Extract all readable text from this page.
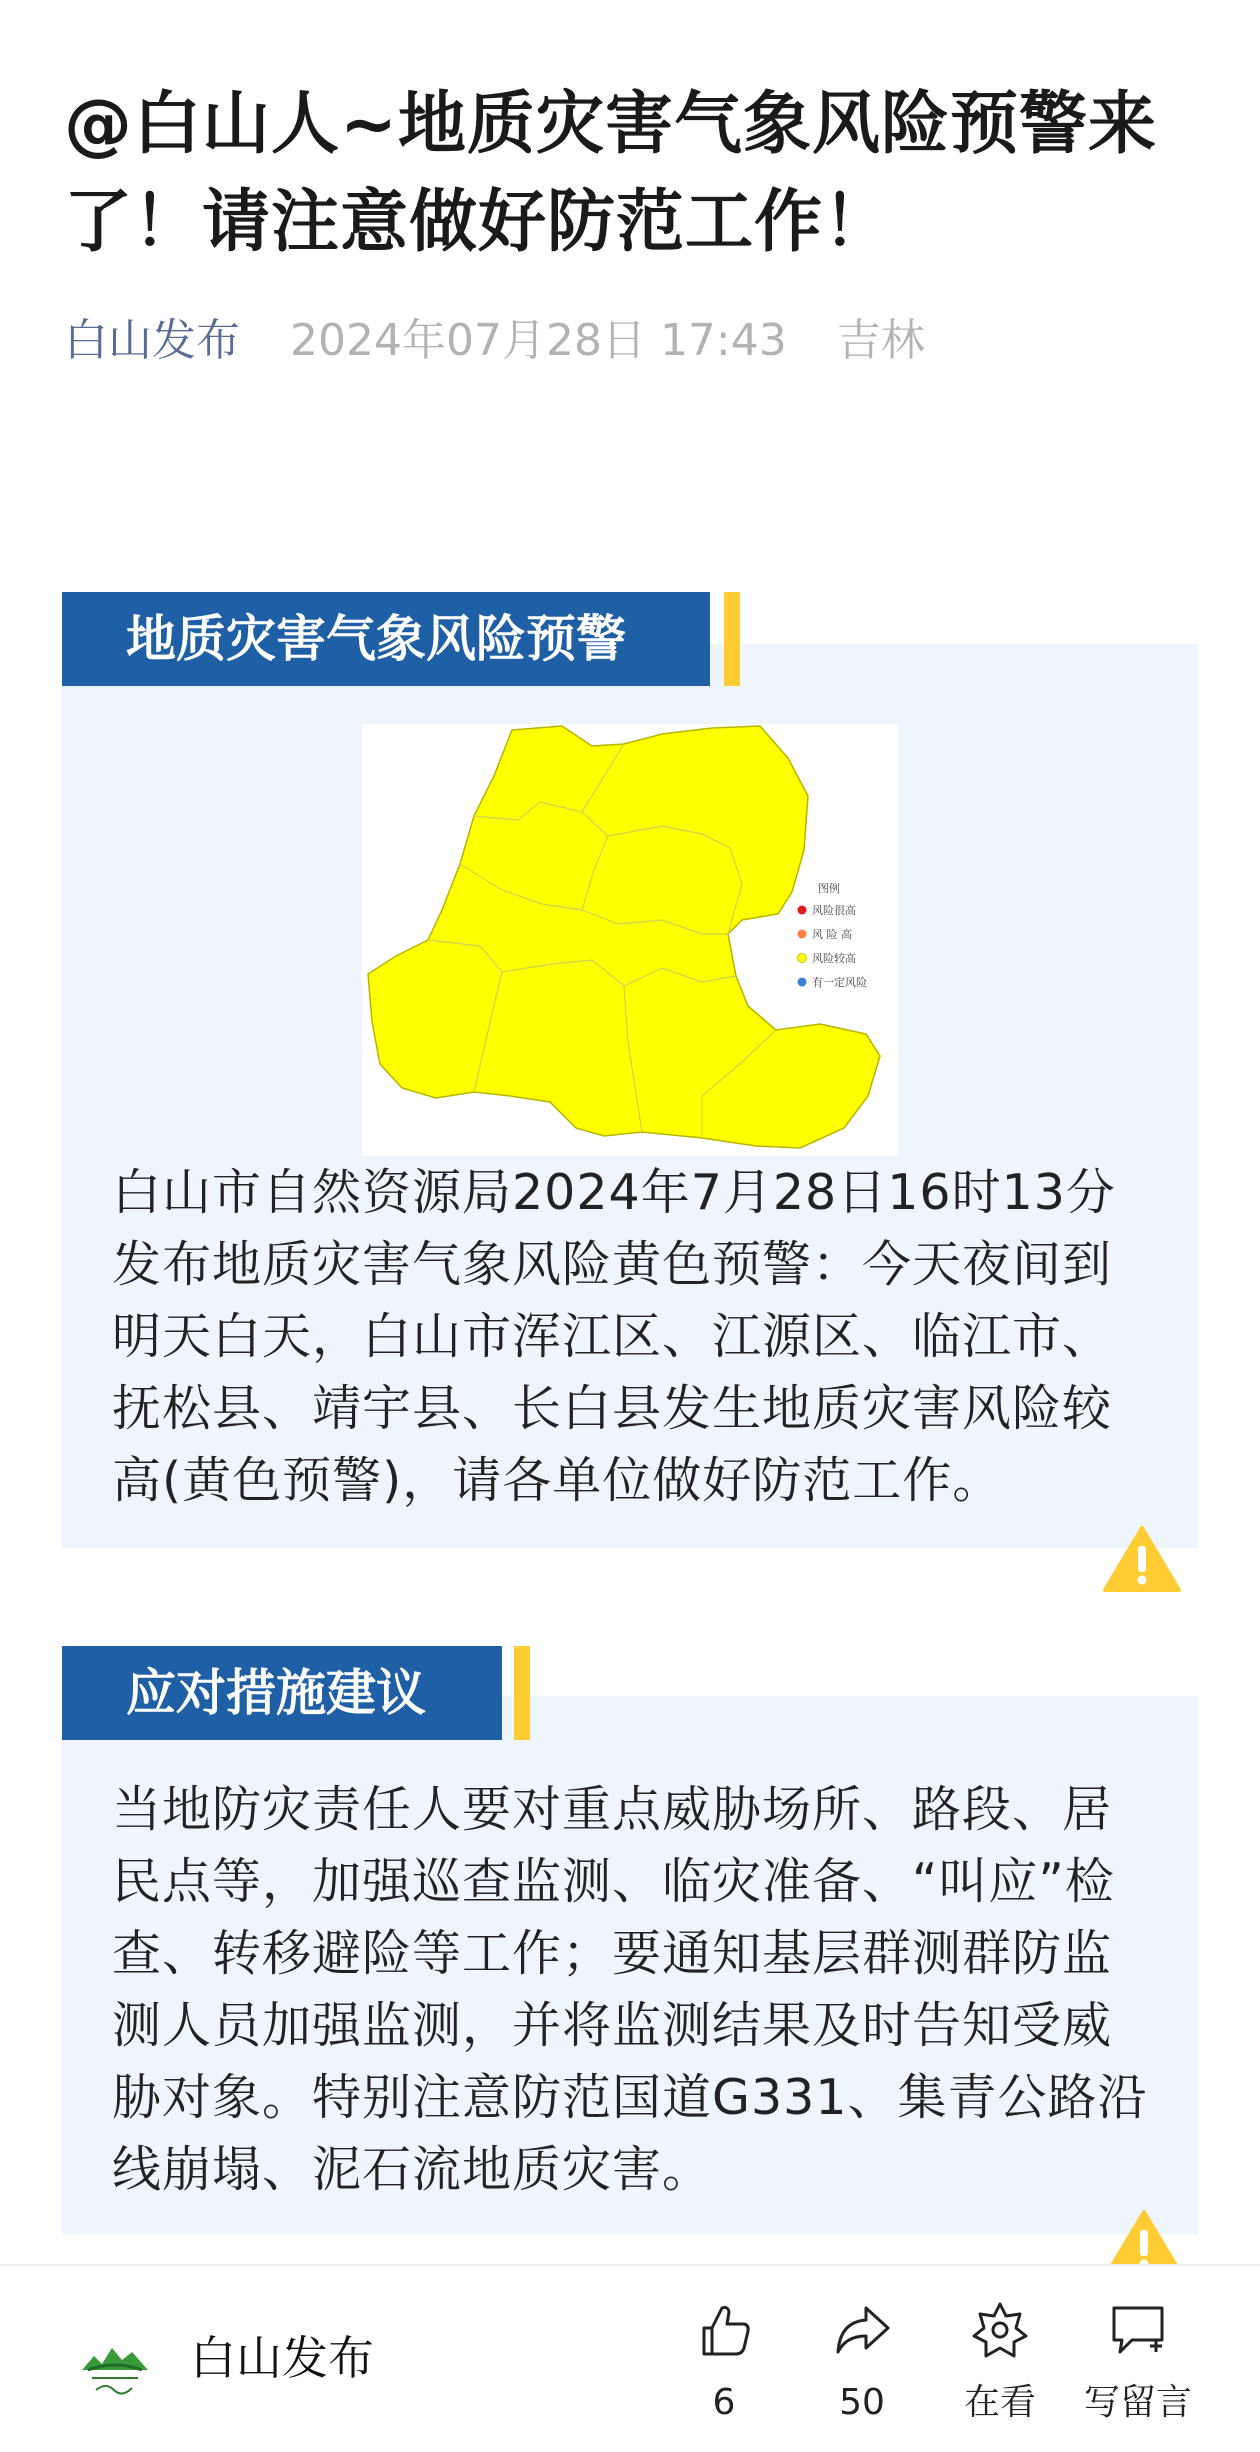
@白山人~地质灾害气象风险预警来了！请注意做好防范工作！
白山发布 2024年07月28日 17:43 吉林
地质灾害气象风险预警
图例
风险很高
风 险 高
风险较高
有一定风险
白山市自然资源局2024年7月28日16时13分发布地质灾害气象风险黄色预警：今天夜间到明天白天，白山市浑江区、江源区、临江市、抚松县、靖宇县、长白县发生地质灾害风险较高(黄色预警)，请各单位做好防范工作。
应对措施建议
当地防灾责任人要对重点威胁场所、路段、居民点等，加强巡查监测、临灾准备、“叫应”检查、转移避险等工作；要通知基层群测群防监测人员加强监测，并将监测结果及时告知受威胁对象。特别注意防范国道G331、集青公路沿线崩塌、泥石流地质灾害。
白山发布
6	50	在看	写留言
